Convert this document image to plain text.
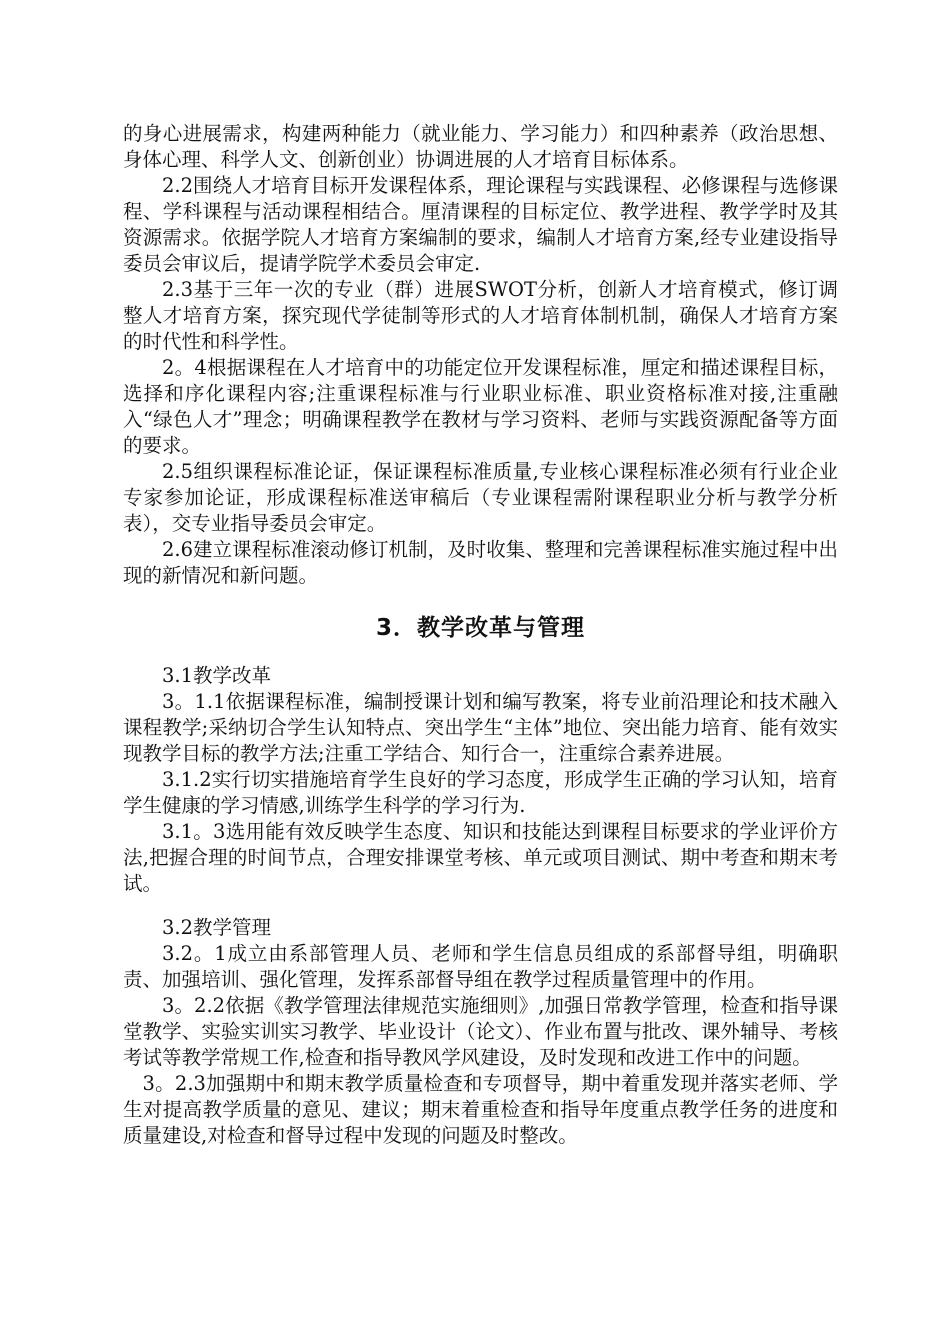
的身心进展需求，构建两种能力（就业能力、学习能力）和四种素养（政治思想、身体心理、科学人文、创新创业）协调进展的人才培育目标体系。

2.2围绕人才培育目标开发课程体系，理论课程与实践课程、必修课程与选修课程、学科课程与活动课程相结合。厘清课程的目标定位、教学进程、教学学时及其资源需求。依据学院人才培育方案编制的要求，编制人才培育方案,经专业建设指导委员会审议后，提请学院学术委员会审定.

2.3基于三年一次的专业（群）进展SWOT分析，创新人才培育模式，修订调整人才培育方案，探究现代学徒制等形式的人才培育体制机制，确保人才培育方案的时代性和科学性。

2。4根据课程在人才培育中的功能定位开发课程标准，厘定和描述课程目标，选择和序化课程内容;注重课程标准与行业职业标准、职业资格标准对接,注重融入“绿色人才”理念；明确课程教学在教材与学习资料、老师与实践资源配备等方面的要求。

2.5组织课程标准论证，保证课程标准质量,专业核心课程标准必须有行业企业专家参加论证，形成课程标准送审稿后（专业课程需附课程职业分析与教学分析表），交专业指导委员会审定。

2.6建立课程标准滚动修订机制，及时收集、整理和完善课程标准实施过程中出现的新情况和新问题。

3．教学改革与管理

3.1教学改革

3。1.1依据课程标准，编制授课计划和编写教案，将专业前沿理论和技术融入课程教学;采纳切合学生认知特点、突出学生“主体”地位、突出能力培育、能有效实现教学目标的教学方法;注重工学结合、知行合一，注重综合素养进展。

3.1.2实行切实措施培育学生良好的学习态度，形成学生正确的学习认知，培育学生健康的学习情感,训练学生科学的学习行为.

3.1。3选用能有效反映学生态度、知识和技能达到课程目标要求的学业评价方法,把握合理的时间节点，合理安排课堂考核、单元或项目测试、期中考查和期末考试。

3.2教学管理

3.2。1成立由系部管理人员、老师和学生信息员组成的系部督导组，明确职责、加强培训、强化管理，发挥系部督导组在教学过程质量管理中的作用。

3。2.2依据《教学管理法律规范实施细则》,加强日常教学管理，检查和指导课堂教学、实验实训实习教学、毕业设计（论文）、作业布置与批改、课外辅导、考核考试等教学常规工作,检查和指导教风学风建设，及时发现和改进工作中的问题。

3。2.3加强期中和期末教学质量检查和专项督导，期中着重发现并落实老师、学生对提高教学质量的意见、建议；期末着重检查和指导年度重点教学任务的进度和质量建设,对检查和督导过程中发现的问题及时整改。
